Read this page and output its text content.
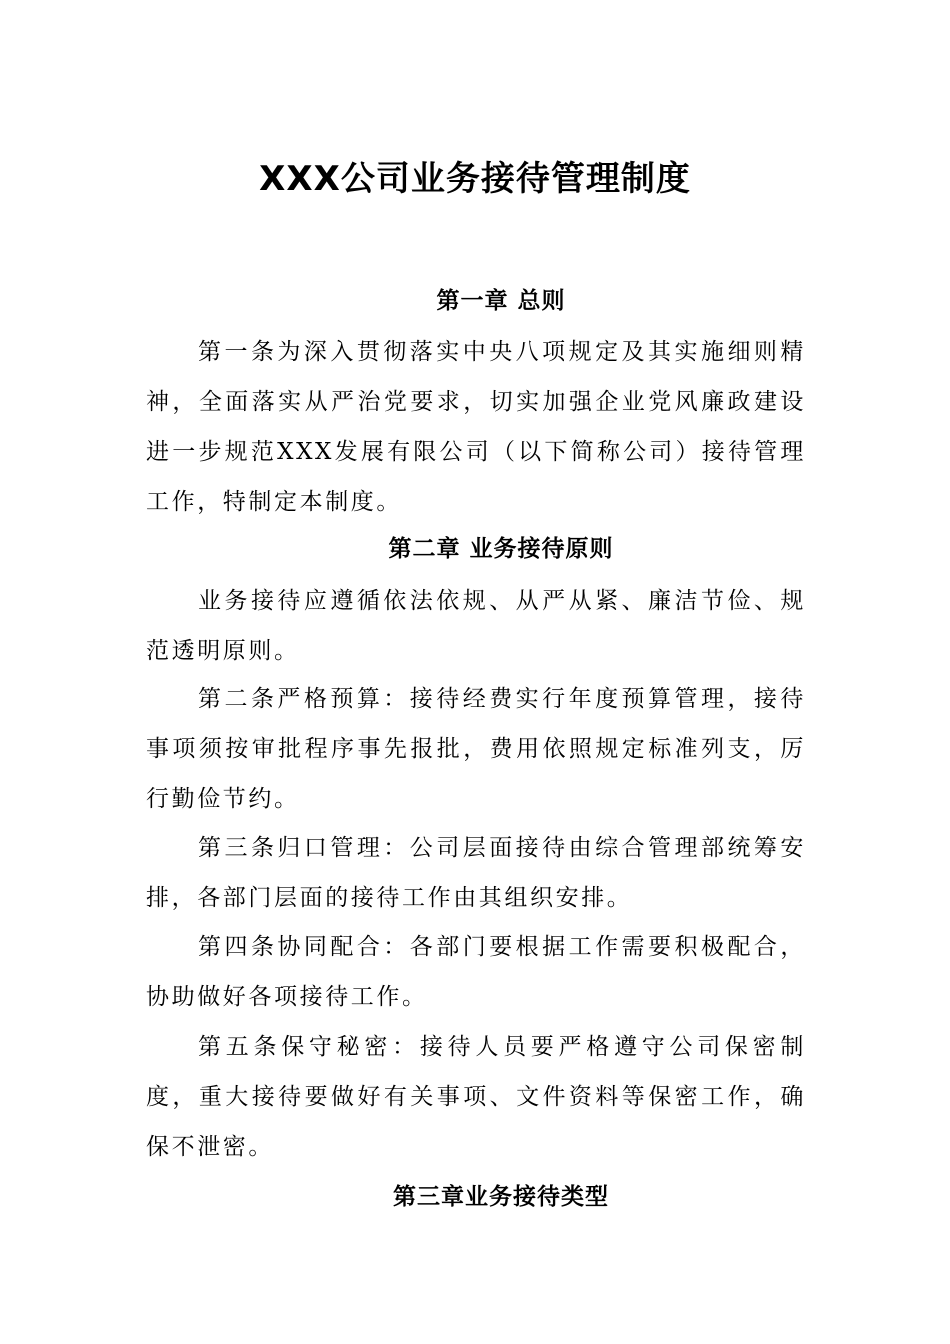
XXX公司业务接待管理制度
第一章 总则

第一条为深入贯彻落实中央八项规定及其实施细则精神，全面落实从严治党要求，切实加强企业党风廉政建设进一步规范XXX发展有限公司（以下简称公司）接待管理工作，特制定本制度。

第二章 业务接待原则

业务接待应遵循依法依规、从严从紧、廉洁节俭、规范透明原则。

第二条严格预算：接待经费实行年度预算管理，接待事项须按审批程序事先报批，费用依照规定标准列支，厉行勤俭节约。

第三条归口管理：公司层面接待由综合管理部统筹安排，各部门层面的接待工作由其组织安排。

第四条协同配合：各部门要根据工作需要积极配合，协助做好各项接待工作。

第五条保守秘密：接待人员要严格遵守公司保密制度，重大接待要做好有关事项、文件资料等保密工作，确保不泄密。

第三章业务接待类型
